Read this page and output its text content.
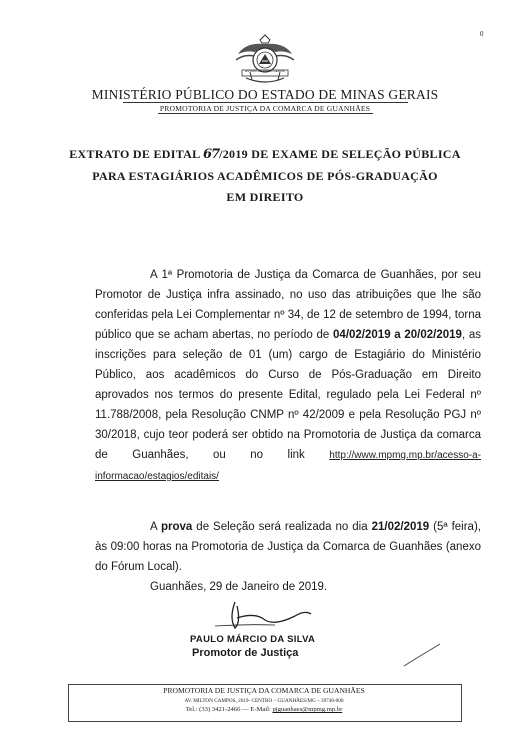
0
ESTADO DE MINAS GERAIS
MINISTÉRIO PÚBLICO DO ESTADO DE MINAS GERAIS
PROMOTORIA DE JUSTIÇA DA COMARCA DE GUANHÃES
EXTRATO DE EDITAL 67/2019 DE EXAME DE SELEÇÃO PÚBLICA
PARA ESTAGIÁRIOS ACADÊMICOS DE PÓS-GRADUAÇÃO
EM DIREITO
A 1ª Promotoria de Justiça da Comarca de Guanhães, por seu Promotor de Justiça infra assinado, no uso das atribuições que lhe são conferidas pela Lei Complementar nº 34, de 12 de setembro de 1994, torna público que se acham abertas, no período de 04/02/2019 a 20/02/2019, as inscrições para seleção de 01 (um) cargo de Estagiário do Ministério Público, aos acadêmicos do Curso de Pós-Graduação em Direito aprovados nos termos do presente Edital, regulado pela Lei Federal nº 11.788/2008, pela Resolução CNMP nº 42/2009 e pela Resolução PGJ nº 30/2018, cujo teor poderá ser obtido na Promotoria de Justiça da comarca de Guanhães, ou no link http://www.mpmg.mp.br/acesso-a-informacao/estagios/editais/
A prova de Seleção será realizada no dia 21/02/2019 (5ª feira), às 09:00 horas na Promotoria de Justiça da Comarca de Guanhães (anexo do Fórum Local).
Guanhães, 29 de Janeiro de 2019.
PAULO MÁRCIO DA SILVA
Promotor de Justiça
PROMOTORIA DE JUSTIÇA DA COMARCA DE GUANHÃES
AV. MILTON CAMPOS, 2619- CENTRO – GUANHÃES/MG – 39740-000
Tel.: (33) 3421-2466 — E-Mail: pjguanhaes@mpmg.mp.br
